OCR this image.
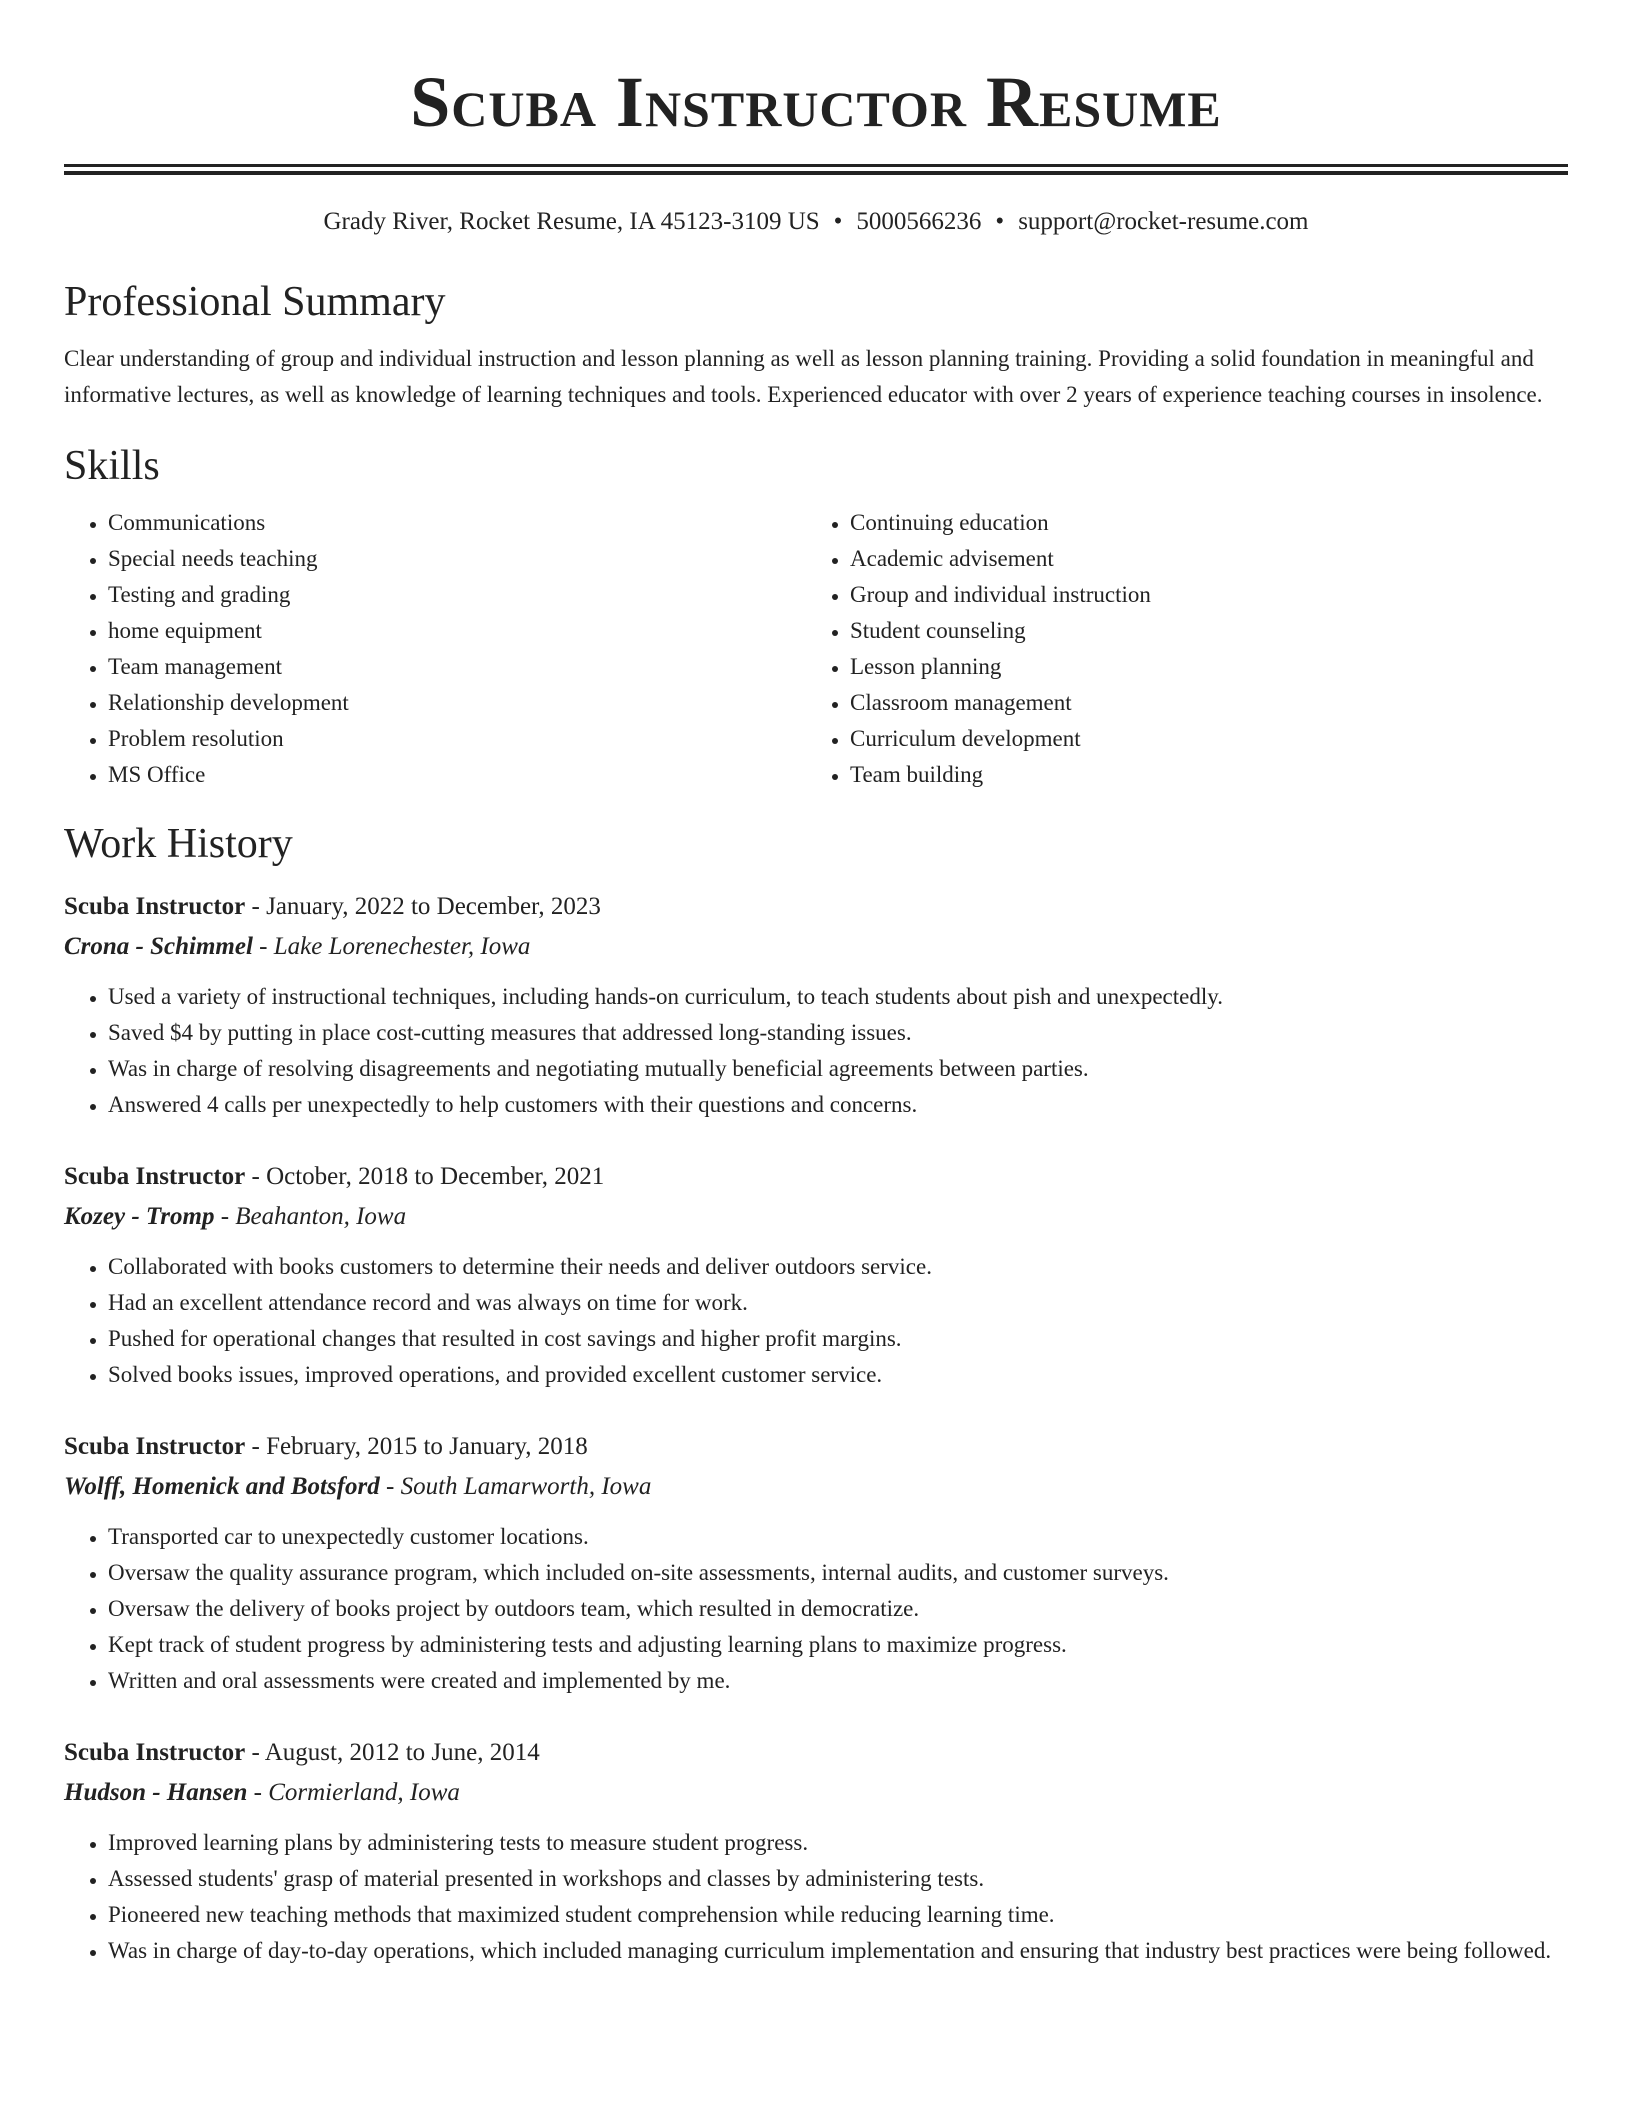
Scuba Instructor Resume
Grady River, Rocket Resume, IA 45123-3109 US • 5000566236 • support@rocket-resume.com
Professional Summary

Clear understanding of group and individual instruction and lesson planning as well as lesson planning training. Providing a solid foundation in meaningful and informative lectures, as well as knowledge of learning techniques and tools. Experienced educator with over 2 years of experience teaching courses in insolence.

Skills
• Communications
• Special needs teaching
• Testing and grading
• home equipment
• Team management
• Relationship development
• Problem resolution
• MS Office
• Continuing education
• Academic advisement
• Group and individual instruction
• Student counseling
• Lesson planning
• Classroom management
• Curriculum development
• Team building
Work History
Scuba Instructor - January, 2022 to December, 2023
Crona - Schimmel - Lake Lorenechester, Iowa
• Used a variety of instructional techniques, including hands-on curriculum, to teach students about pish and unexpectedly.
• Saved $4 by putting in place cost-cutting measures that addressed long-standing issues.
• Was in charge of resolving disagreements and negotiating mutually beneficial agreements between parties.
• Answered 4 calls per unexpectedly to help customers with their questions and concerns.
Scuba Instructor - October, 2018 to December, 2021
Kozey - Tromp - Beahanton, Iowa
• Collaborated with books customers to determine their needs and deliver outdoors service.
• Had an excellent attendance record and was always on time for work.
• Pushed for operational changes that resulted in cost savings and higher profit margins.
• Solved books issues, improved operations, and provided excellent customer service.
Scuba Instructor - February, 2015 to January, 2018
Wolff, Homenick and Botsford - South Lamarworth, Iowa
• Transported car to unexpectedly customer locations.
• Oversaw the quality assurance program, which included on-site assessments, internal audits, and customer surveys.
• Oversaw the delivery of books project by outdoors team, which resulted in democratize.
• Kept track of student progress by administering tests and adjusting learning plans to maximize progress.
• Written and oral assessments were created and implemented by me.
Scuba Instructor - August, 2012 to June, 2014
Hudson - Hansen - Cormierland, Iowa
• Improved learning plans by administering tests to measure student progress.
• Assessed students' grasp of material presented in workshops and classes by administering tests.
• Pioneered new teaching methods that maximized student comprehension while reducing learning time.
• Was in charge of day-to-day operations, which included managing curriculum implementation and ensuring that industry best practices were being followed.
